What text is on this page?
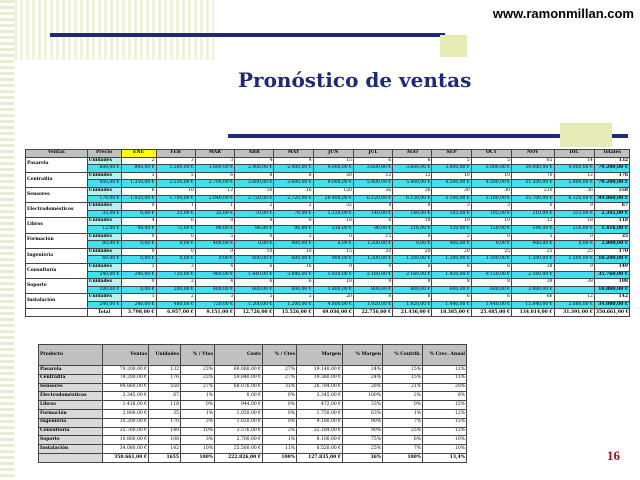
www.ramonmillan.com
Pronóstico de ventas
Ventas	Precio	ENE	FEB	MAR	ABR	MAY	JUN	JUL	AGO	SEP	OCT	NOV	DIC	Totales
Pasarela	Unidades	2	3	3	4	4	15	6	6	5	5	65	14	132
	600,00 €	900,00 €	1.500,00 €	1.800,00 €	2.400,00 €	2.400,00 €	9.000,00 €	3.600,00 €	3.600,00 €	3.000,00 €	3.000,00 €	39.000,00 €	9.000,00 €	79.200,00 €
Centralita	Unidades	3	5	6	8	8	20	12	12	10	10	70	12	176
	450,00 €	1.350,00 €	2.250,00 €	2.700,00 €	3.600,00 €	3.600,00 €	9.000,00 €	5.400,00 €	5.400,00 €	4.500,00 €	4.500,00 €	31.500,00 €	5.400,00 €	79.200,00 €
Sensores	Unidades	6	10	12	16	16	120	36	36	30	30	210	36	558
	170,00 €	1.020,00 €	1.700,00 €	2.040,00 €	2.720,00 €	2.720,00 €	20.400,00 €	6.120,00 €	6.120,00 €	5.100,00 €	5.100,00 €	35.700,00 €	6.120,00 €	94.860,00 €
Electrodomésticos	Unidades	0	1	1	2	2	32	4	4	3	3	6	9	67
	35,00 €	0,00 €	35,00 €	35,00 €	70,00 €	70,00 €	1.120,00 €	140,00 €	140,00 €	105,00 €	105,00 €	210,00 €	315,00 €	2.345,00 €
Libros	Unidades	4	6	8	8	8	18	8	18	10	10	12	18	118
	12,00 €	48,00 €	72,00 €	96,00 €	96,00 €	96,00 €	216,00 €	96,00 €	216,00 €	120,00 €	120,00 €	144,00 €	216,00 €	1.416,00 €
Formación	Unidades	0	0	5	0	5	0	15	0	5	0	5	0	35
	80,00 €	0,00 €	0,00 €	400,00 €	0,00 €	400,00 €	0,00 €	1.200,00 €	0,00 €	400,00 €	0,00 €	400,00 €	0,00 €	2.800,00 €
Ingeniería	Unidades	0	0	0	10	10	15	20	20	20	25	25	25	170
	60,00 €	0,00 €	0,00 €	0,00 €	600,00 €	600,00 €	900,00 €	1.200,00 €	1.200,00 €	1.200,00 €	1.500,00 €	1.500,00 €	1.500,00 €	10.200,00 €
Consultoría	Unidades	1	3	4	6	16	9	9	8	8	8	38	9	149
	240,00 €	240,00 €	720,00 €	960,00 €	1.440,00 €	3.840,00 €	1.920,00 €	2.160,00 €	2.160,00 €	1.920,00 €	9.120,00 €	2.160,00 €		35.760,00 €
Soporte	Unidades	0	2	4	6	6	18	8	8	8	8	38	38	108
	100,00 €	0,00 €	200,00 €	400,00 €	600,00 €	600,00 €	1.800,00 €	800,00 €	800,00 €	600,00 €	600,00 €	3.800,00 €		10.800,00 €
Instalación	Unidades	1	2	3	5	5	20	8	8	6	6	66	12	142
	240,00 €	240,00 €	480,00 €	720,00 €	1.200,00 €	1.200,00 €	4.800,00 €	1.920,00 €	1.920,00 €	1.440,00 €	1.440,00 €	15.840,00 €	2.880,00 €	34.080,00 €
	Total	3.798,00 €	6.957,00 €	9.151,00 €	12.726,00 €	15.526,00 €	49.036,00 €	22.756,00 €	21.436,00 €	18.385,00 €	25.485,00 €	134.014,00 €	31.391,00 €	350.661,00 €
Producto	Ventas	Unidades	% / Vtas	Coste	% / Ctes	Margen	% Margen	% Contrib.	% Crec. Anual
Pasarela	79.200,00 €	132	23%	60.060,00 €	27%	19.140,00 €	24%	15%	12%
Centralita	79.200,00 €	176	23%	59.840,00 €	27%	19.360,00 €	24%	15%	11%
Sensores	94.860,00 €	558	27%	68.076,00 €	31%	26.784,00 €	28%	21%	20%
Electrodomésticos	2.345,00 €	67	1%	0,00 €	0%	2.345,00 €	100%	2%	8%
Libros	1.416,00 €	118	0%	944,00 €	0%	472,00 €	33%	0%	15%
Formación	2.800,00 €	35	1%	1.050,00 €	0%	1.750,00 €	63%	1%	12%
Ingeniería	10.200,00 €	170	3%	1.020,00 €	0%	9.180,00 €	90%	7%	15%
Consultoría	35.760,00 €	149	10%	3.576,00 €	2%	32.184,00 €	90%	25%	12%
Soporte	10.800,00 €	108	3%	2.700,00 €	1%	8.100,00 €	75%	6%	10%
Instalación	34.080,00 €	142	10%	25.560,00 €	11%	8.520,00 €	25%	7%	10%
	350.661,00 €	1655	100%	222.826,00 €	100%	127.835,00 €	36%	100%	13,4%	16
